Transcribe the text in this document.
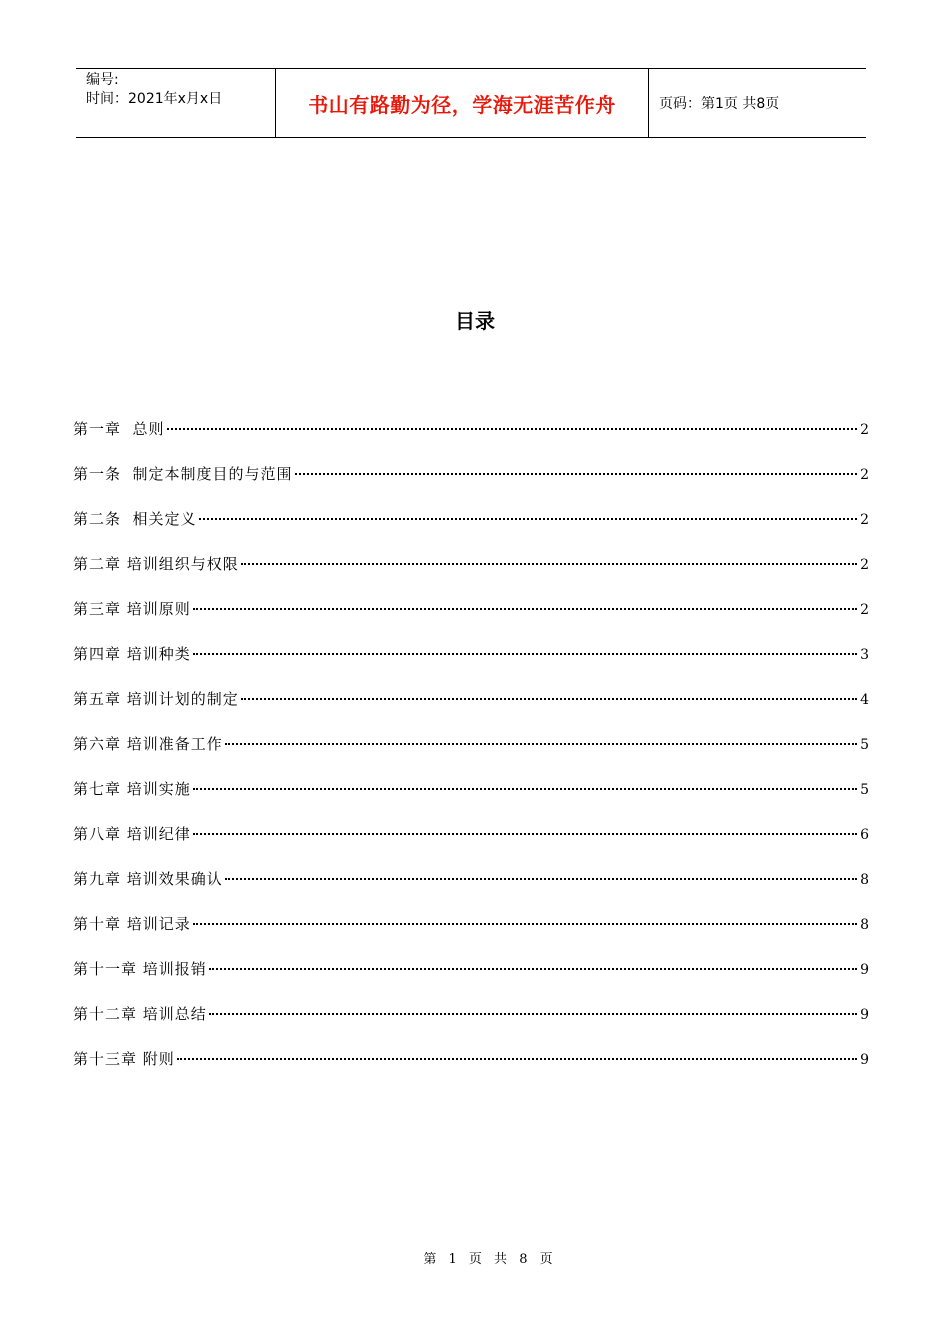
编号:
时间：2021年x月x日	书山有路勤为径，学海无涯苦作舟	页码：第1页 共8页
目录
第一章  总则	2
第一条  制定本制度目的与范围	2
第二条  相关定义	2
第二章 培训组织与权限	2
第三章 培训原则	2
第四章 培训种类	3
第五章 培训计划的制定	4
第六章 培训准备工作	5
第七章 培训实施	5
第八章 培训纪律	6
第九章 培训效果确认	8
第十章 培训记录	8
第十一章 培训报销	9
第十二章 培训总结	9
第十三章 附则	9
第 1 页 共 8 页
